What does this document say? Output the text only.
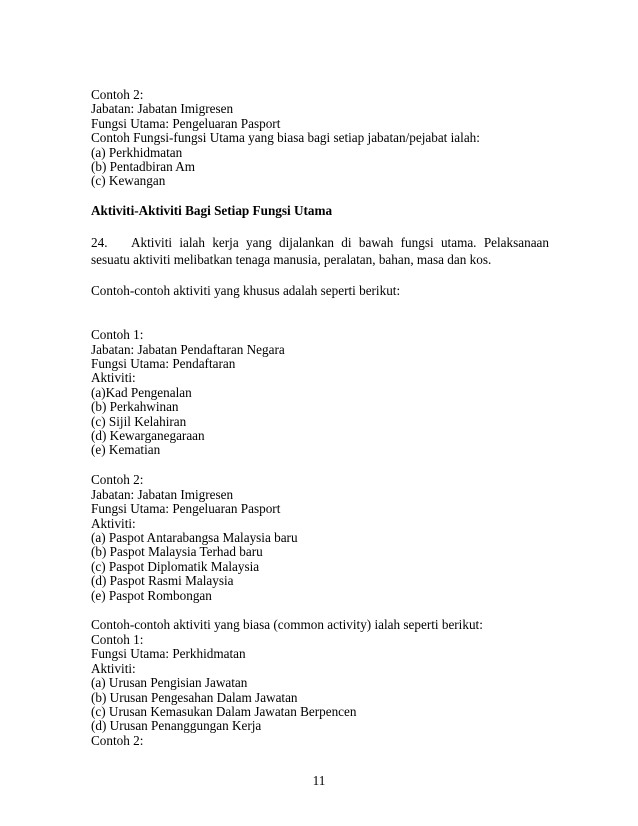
Contoh 2:
Jabatan: Jabatan Imigresen
Fungsi Utama: Pengeluaran Pasport
Contoh Fungsi-fungsi Utama yang biasa bagi setiap jabatan/pejabat ialah:
(a) Perkhidmatan
(b) Pentadbiran Am
(c) Kewangan
Aktiviti-Aktiviti Bagi Setiap Fungsi Utama
24. Aktiviti ialah kerja yang dijalankan di bawah fungsi utama. Pelaksanaan sesuatu aktiviti melibatkan tenaga manusia, peralatan, bahan, masa dan kos.
Contoh-contoh aktiviti yang khusus adalah seperti berikut:
Contoh 1:
Jabatan: Jabatan Pendaftaran Negara
Fungsi Utama: Pendaftaran
Aktiviti:
(a)Kad Pengenalan
(b) Perkahwinan
(c) Sijil Kelahiran
(d) Kewarganegaraan
(e) Kematian
Contoh 2:
Jabatan: Jabatan Imigresen
Fungsi Utama: Pengeluaran Pasport
Aktiviti:
(a) Paspot Antarabangsa Malaysia baru
(b) Paspot Malaysia Terhad baru
(c) Paspot Diplomatik Malaysia
(d) Paspot Rasmi Malaysia
(e) Paspot Rombongan
Contoh-contoh aktiviti yang biasa (common activity) ialah seperti berikut:
Contoh 1:
Fungsi Utama: Perkhidmatan
Aktiviti:
(a) Urusan Pengisian Jawatan
(b) Urusan Pengesahan Dalam Jawatan
(c) Urusan Kemasukan Dalam Jawatan Berpencen
(d) Urusan Penanggungan Kerja
Contoh 2:
11
